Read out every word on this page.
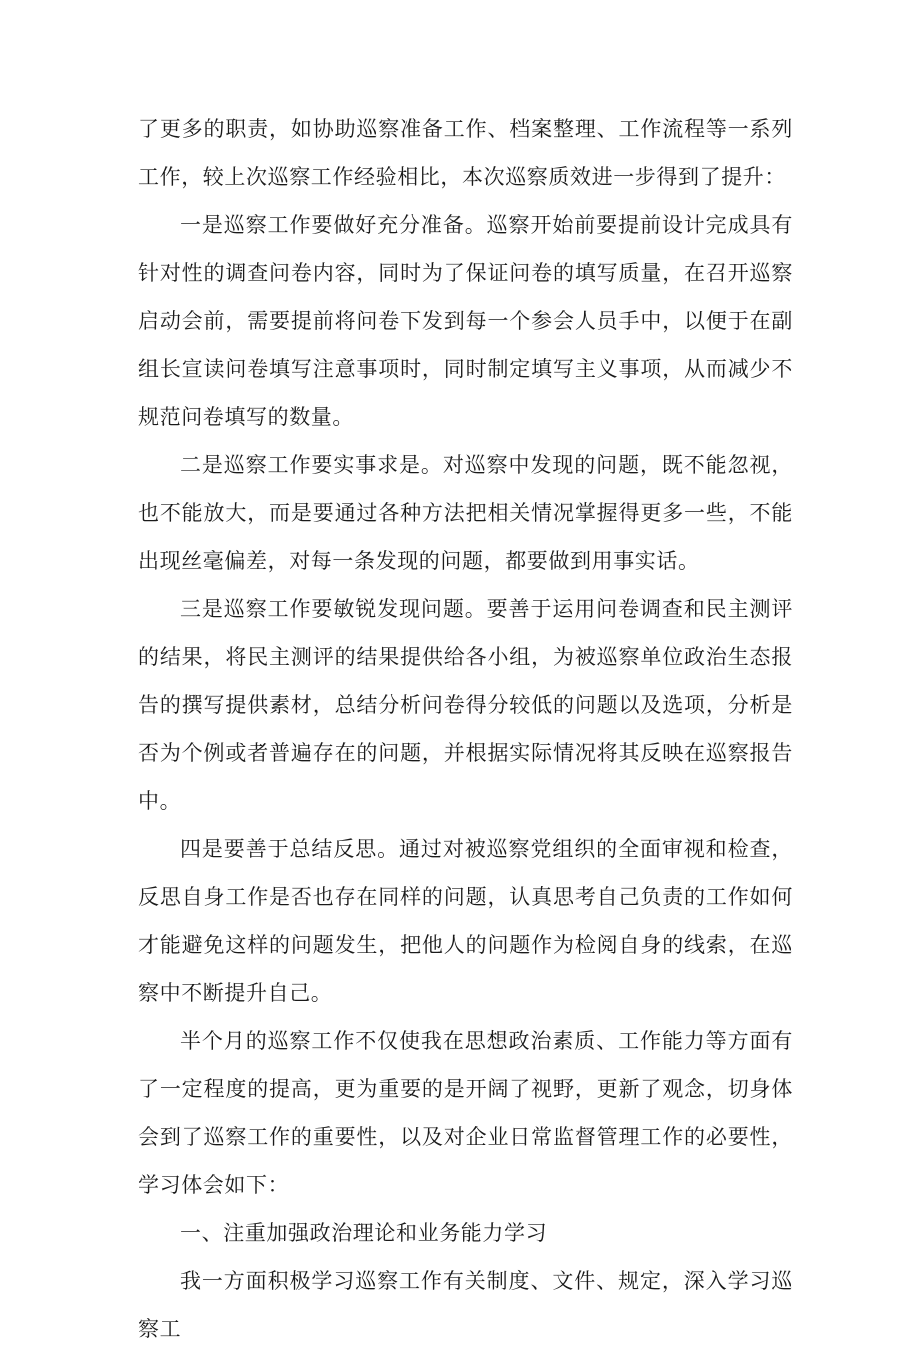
了更多的职责，如协助巡察准备工作、档案整理、工作流程等一系列工作，较上次巡察工作经验相比，本次巡察质效进一步得到了提升：

一是巡察工作要做好充分准备。巡察开始前要提前设计完成具有针对性的调查问卷内容，同时为了保证问卷的填写质量，在召开巡察启动会前，需要提前将问卷下发到每一个参会人员手中，以便于在副组长宣读问卷填写注意事项时，同时制定填写主义事项，从而减少不规范问卷填写的数量。

二是巡察工作要实事求是。对巡察中发现的问题，既不能忽视，也不能放大，而是要通过各种方法把相关情况掌握得更多一些，不能出现丝毫偏差，对每一条发现的问题，都要做到用事实话。

三是巡察工作要敏锐发现问题。要善于运用问卷调查和民主测评的结果，将民主测评的结果提供给各小组，为被巡察单位政治生态报告的撰写提供素材，总结分析问卷得分较低的问题以及选项，分析是否为个例或者普遍存在的问题，并根据实际情况将其反映在巡察报告中。

四是要善于总结反思。通过对被巡察党组织的全面审视和检查，反思自身工作是否也存在同样的问题，认真思考自己负责的工作如何才能避免这样的问题发生，把他人的问题作为检阅自身的线索，在巡察中不断提升自己。

半个月的巡察工作不仅使我在思想政治素质、工作能力等方面有了一定程度的提高，更为重要的是开阔了视野，更新了观念，切身体会到了巡察工作的重要性，以及对企业日常监督管理工作的必要性，学习体会如下：

一、注重加强政治理论和业务能力学习

我一方面积极学习巡察工作有关制度、文件、规定，深入学习巡察工
